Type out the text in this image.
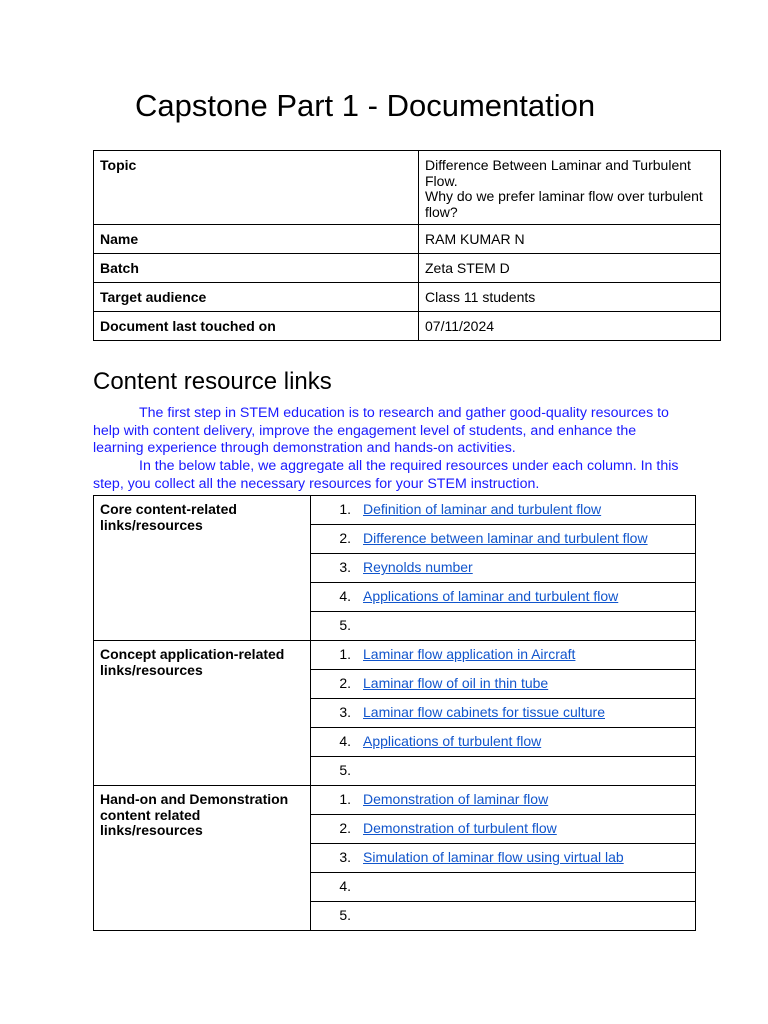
Capstone Part 1 - Documentation
Topic	Difference Between Laminar and Turbulent Flow.
Why do we prefer laminar flow over turbulent flow?

Name	RAM KUMAR N
Batch	Zeta STEM D
Target audience	Class 11 students
Document last touched on	07/11/2024
Content resource links

The first step in STEM education is to research and gather good-quality resources to help with content delivery, improve the engagement level of students, and enhance the learning experience through demonstration and hands-on activities.

In the below table, we aggregate all the required resources under each column. In this step, you collect all the necessary resources for your STEM instruction.

Core content-related links/resources	1. Definition of laminar and turbulent flow
	2. Difference between laminar and turbulent flow
	3. Reynolds number
	4. Applications of laminar and turbulent flow
	5.
Concept application-related links/resources	1. Laminar flow application in Aircraft
	2. Laminar flow of oil in thin tube
	3. Laminar flow cabinets for tissue culture
	4. Applications of turbulent flow
	5.
Hand-on and Demonstration content related links/resources	1. Demonstration of laminar flow
	2. Demonstration of turbulent flow
	3. Simulation of laminar flow using virtual lab
	4.
	5.
